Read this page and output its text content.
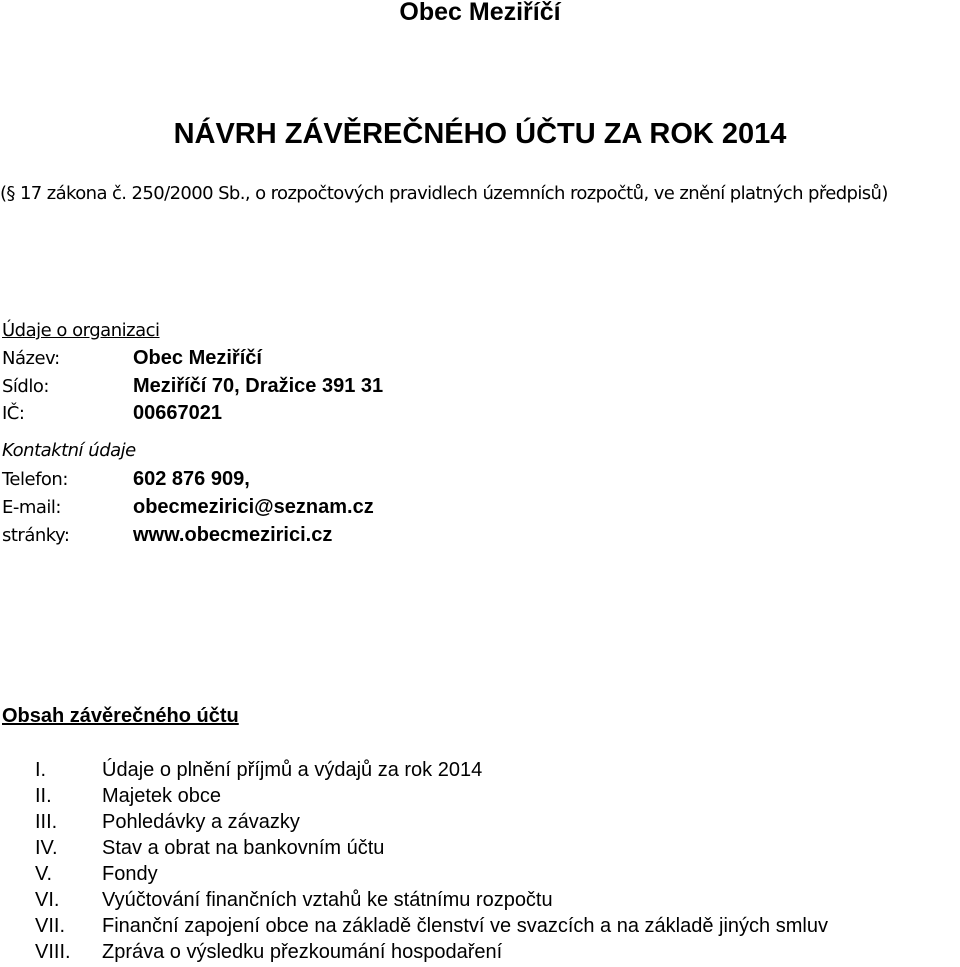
Obec Meziříčí
NÁVRH ZÁVĚREČNÉHO ÚČTU ZA ROK 2014
(§ 17 zákona č. 250/2000 Sb., o rozpočtových pravidlech územních rozpočtů, ve znění platných předpisů)
Údaje o organizaci
Název:	Obec Meziříčí
Sídlo:	Meziříčí 70, Dražice 391 31
IČ:	00667021
Kontaktní údaje
Telefon:	602 876 909,
E-mail:	obecmezirici@seznam.cz
stránky:	www.obecmezirici.cz
Obsah závěrečného účtu
I.	Údaje o plnění příjmů a výdajů za rok 2014
II.	Majetek obce
III. Pohledávky a závazky
IV. Stav a obrat na bankovním účtu
V. Fondy
VI. Vyúčtování finančních vztahů ke státnímu rozpočtu
VII. Finanční zapojení obce na základě členství ve svazcích a na základě jiných smluv
VIII. Zpráva o výsledku přezkoumání hospodaření
